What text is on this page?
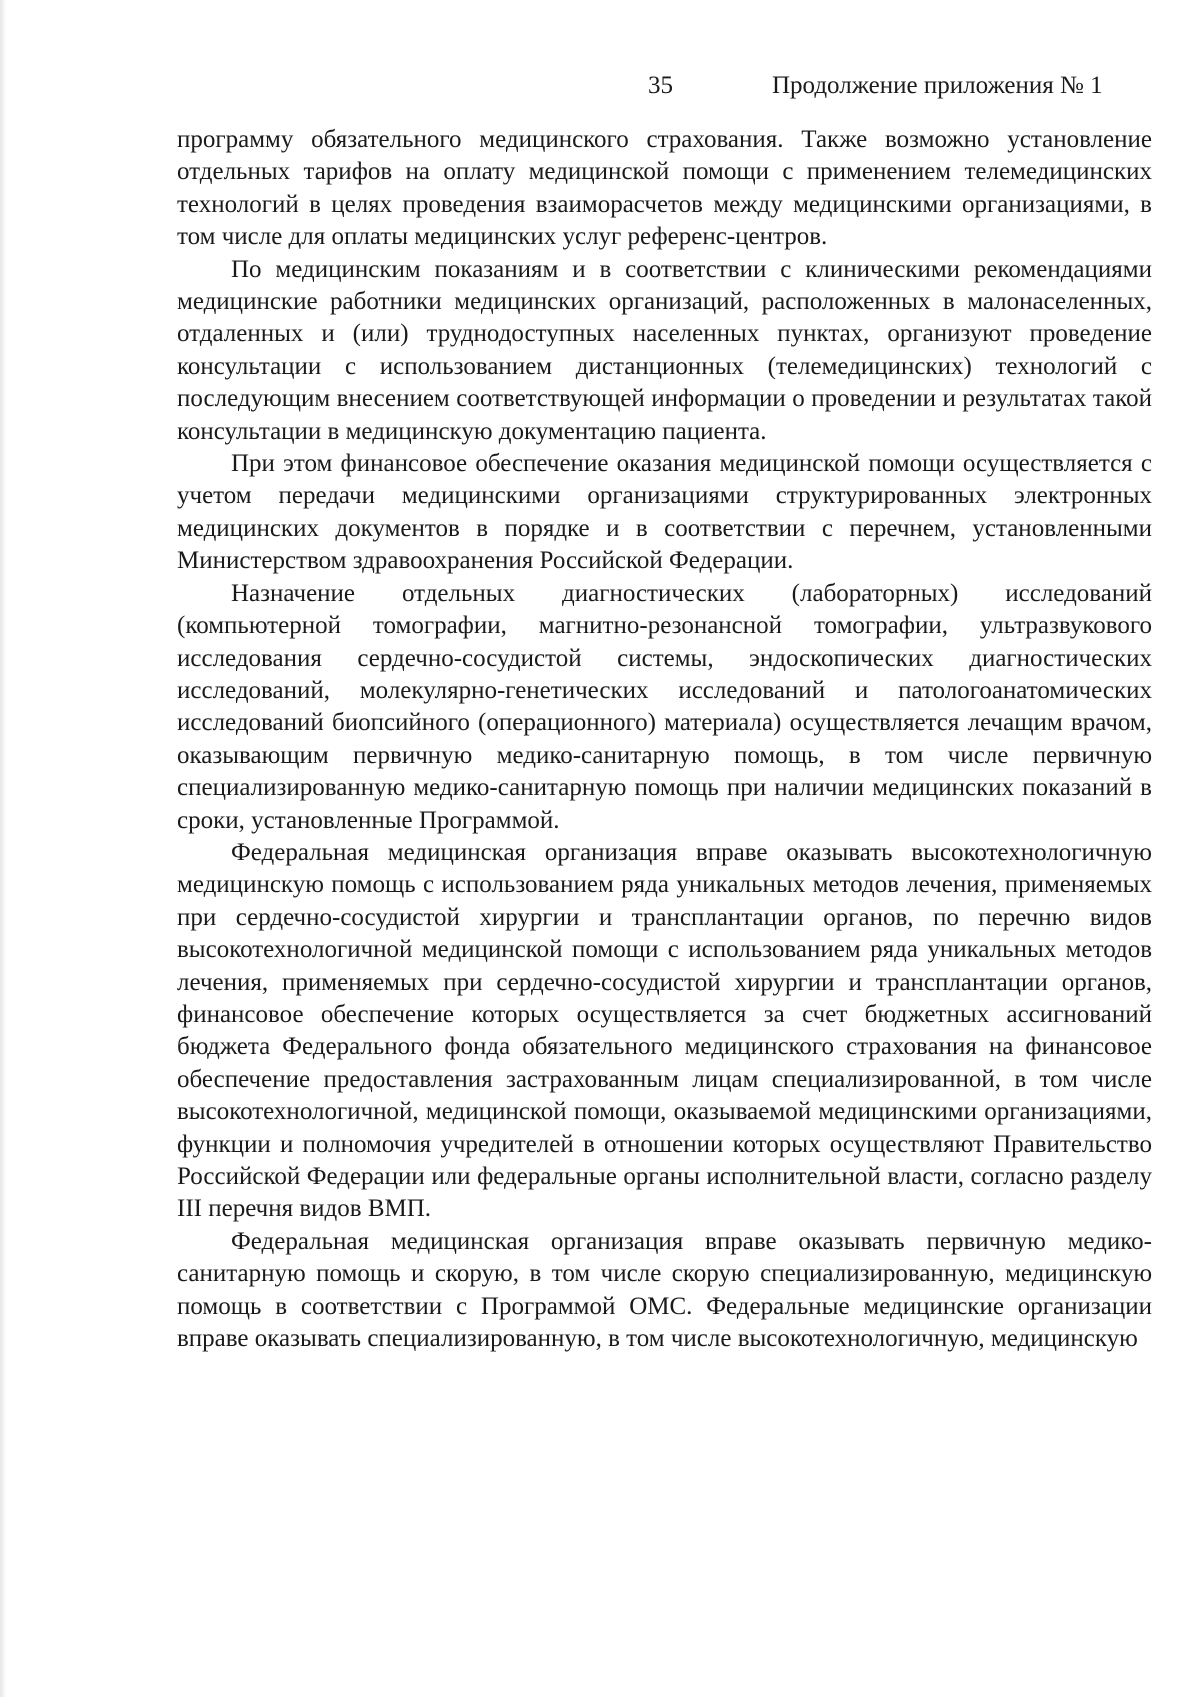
35	Продолжение приложения № 1

программу обязательного медицинского страхования. Также возможно установление отдельных тарифов на оплату медицинской помощи с применением телемедицинских технологий в целях проведения взаиморасчетов между медицинскими организациями, в том числе для оплаты медицинских услуг референс-центров.

По медицинским показаниям и в соответствии с клиническими рекомендациями медицинские работники медицинских организаций, расположенных в малонаселенных, отдаленных и (или) труднодоступных населенных пунктах, организуют проведение консультации с использованием дистанционных (телемедицинских) технологий с последующим внесением соответствующей информации о проведении и результатах такой консультации в медицинскую документацию пациента.

При этом финансовое обеспечение оказания медицинской помощи осуществляется с учетом передачи медицинскими организациями структурированных электронных медицинских документов в порядке и в соответствии с перечнем, установленными Министерством здравоохранения Российской Федерации.

Назначение отдельных диагностических (лабораторных) исследований (компьютерной томографии, магнитно-резонансной томографии, ультразвукового исследования сердечно-сосудистой системы, эндоскопических диагностических исследований, молекулярно-генетических исследований и патологоанатомических исследований биопсийного (операционного) материала) осуществляется лечащим врачом, оказывающим первичную медико-санитарную помощь, в том числе первичную специализированную медико-санитарную помощь при наличии медицинских показаний в сроки, установленные Программой.

Федеральная медицинская организация вправе оказывать высокотехнологичную медицинскую помощь с использованием ряда уникальных методов лечения, применяемых при сердечно-сосудистой хирургии и трансплантации органов, по перечню видов высокотехнологичной медицинской помощи с использованием ряда уникальных методов лечения, применяемых при сердечно-сосудистой хирургии и трансплантации органов, финансовое обеспечение которых осуществляется за счет бюджетных ассигнований бюджета Федерального фонда обязательного медицинского страхования на финансовое обеспечение предоставления застрахованным лицам специализированной, в том числе высокотехнологичной, медицинской помощи, оказываемой медицинскими организациями, функции и полномочия учредителей в отношении которых осуществляют Правительство Российской Федерации или федеральные органы исполнительной власти, согласно разделу III перечня видов ВМП.

Федеральная медицинская организация вправе оказывать первичную медико-санитарную помощь и скорую, в том числе скорую специализированную, медицинскую помощь в соответствии с Программой ОМС. Федеральные медицинские организации вправе оказывать специализированную, в том числе высокотехнологичную, медицинскую
